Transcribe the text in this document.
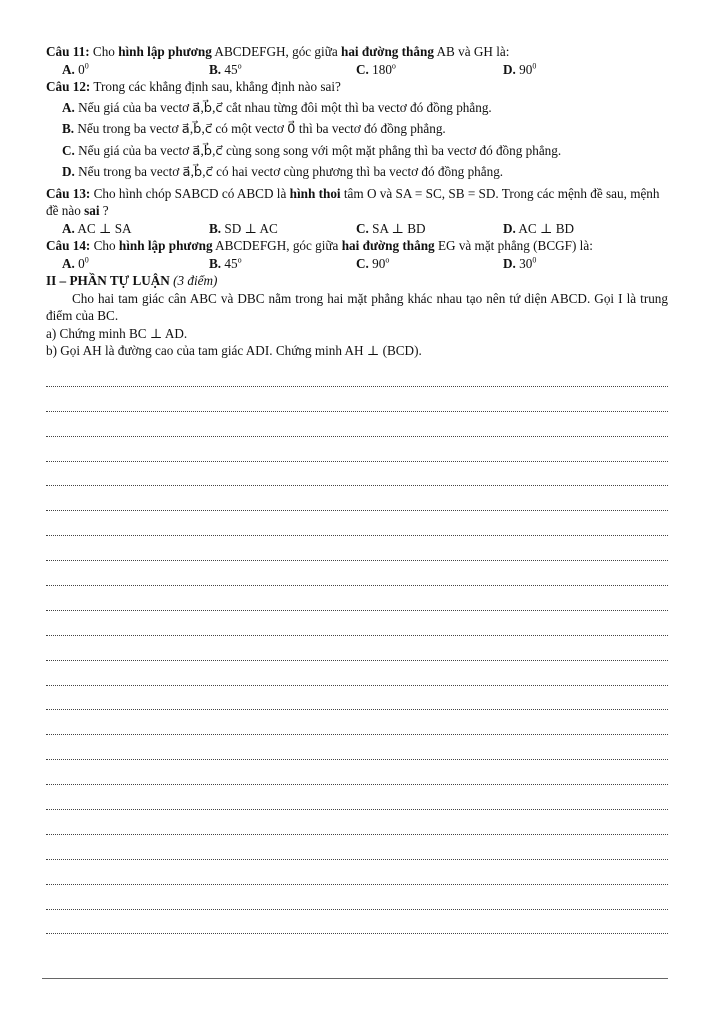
Câu 11: Cho hình lập phương ABCDEFGH, góc giữa hai đường thẳng AB và GH là:

A. $0^0$	B. 45$^o$	C. 180$^o$	D. $90^0$

Câu 12: Trong các khẳng định sau, khẳng định nào sai?

A. Nếu giá của ba vectơ a⃗,b⃗,c⃗ cắt nhau từng đôi một thì ba vectơ đó đồng phẳng.
B. Nếu trong ba vectơ a⃗,b⃗,c⃗ có một vectơ 0⃗ thì ba vectơ đó đồng phẳng.
C. Nếu giá của ba vectơ a⃗,b⃗,c⃗ cùng song song với một mặt phẳng thì ba vectơ đó đồng phẳng.
D. Nếu trong ba vectơ a⃗,b⃗,c⃗ có hai vectơ cùng phương thì ba vectơ đó đồng phẳng.

Câu 13: Cho hình chóp SABCD có ABCD là hình thoi tâm O và SA = SC, SB = SD. Trong các mệnh đề sau, mệnh đề nào sai ?

A. AC ⊥ SA	B. SD ⊥ AC	C. SA ⊥ BD	D. AC ⊥ BD

Câu 14: Cho hình lập phương ABCDEFGH, góc giữa hai đường thẳng EG và mặt phẳng (BCGF) là:

A. $0^0$	B. 45$^o$	C. 90$^o$	D. $30^0$

II – PHẦN TỰ LUẬN (3 điểm)

Cho hai tam giác cân ABC và DBC nằm trong hai mặt phẳng khác nhau tạo nên tứ diện ABCD. Gọi I là trung điểm của BC.

a) Chứng minh BC ⊥ AD.

b) Gọi AH là đường cao của tam giác ADI. Chứng minh AH ⊥ (BCD).
